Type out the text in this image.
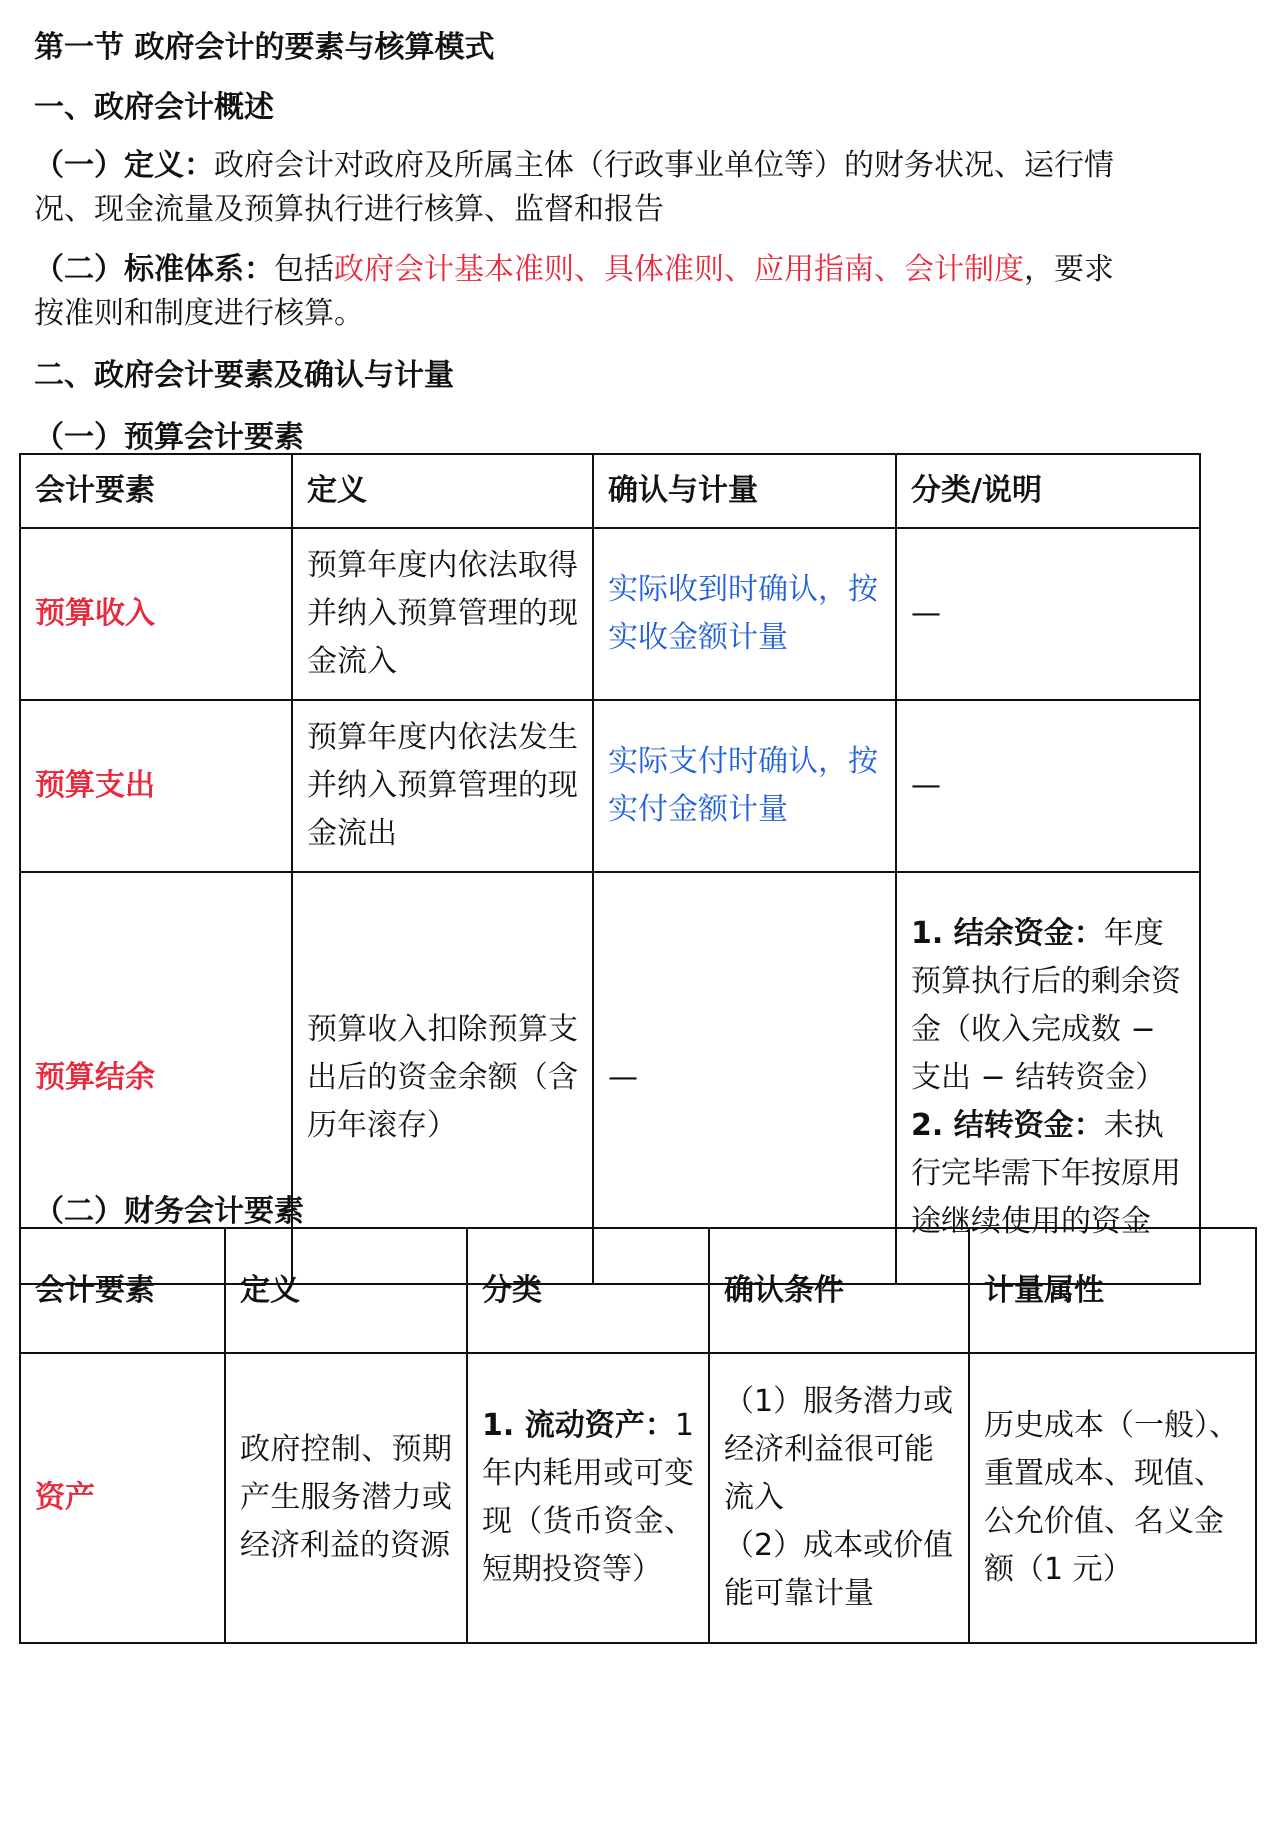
第一节 政府会计的要素与核算模式
一、政府会计概述
（一）定义：政府会计对政府及所属主体（行政事业单位等）的财务状况、运行情
况、现金流量及预算执行进行核算、监督和报告
（二）标准体系：包括政府会计基本准则、具体准则、应用指南、会计制度，要求
按准则和制度进行核算。
二、政府会计要素及确认与计量
（一）预算会计要素
会计要素	定义	确认与计量	分类/说明
预算收入	预算年度内依法取得并纳入预算管理的现金流入	实际收到时确认，按实收金额计量	—
预算支出	预算年度内依法发生并纳入预算管理的现金流出	实际支付时确认，按实付金额计量	—
预算结余	预算收入扣除预算支出后的资金余额（含历年滚存）	—	1. 结余资金：年度预算执行后的剩余资金（收入完成数 − 支出 − 结转资金）
2. 结转资金：未执行完毕需下年按原用途继续使用的资金
（二）财务会计要素
会计要素	定义	分类	确认条件	计量属性
资产	政府控制、预期产生服务潜力或经济利益的资源	1. 流动资产：1年内耗用或可变现（货币资金、短期投资等）	（1）服务潜力或经济利益很可能流入
（2）成本或价值能可靠计量	历史成本（一般）、重置成本、现值、公允价值、名义金额（1 元）
